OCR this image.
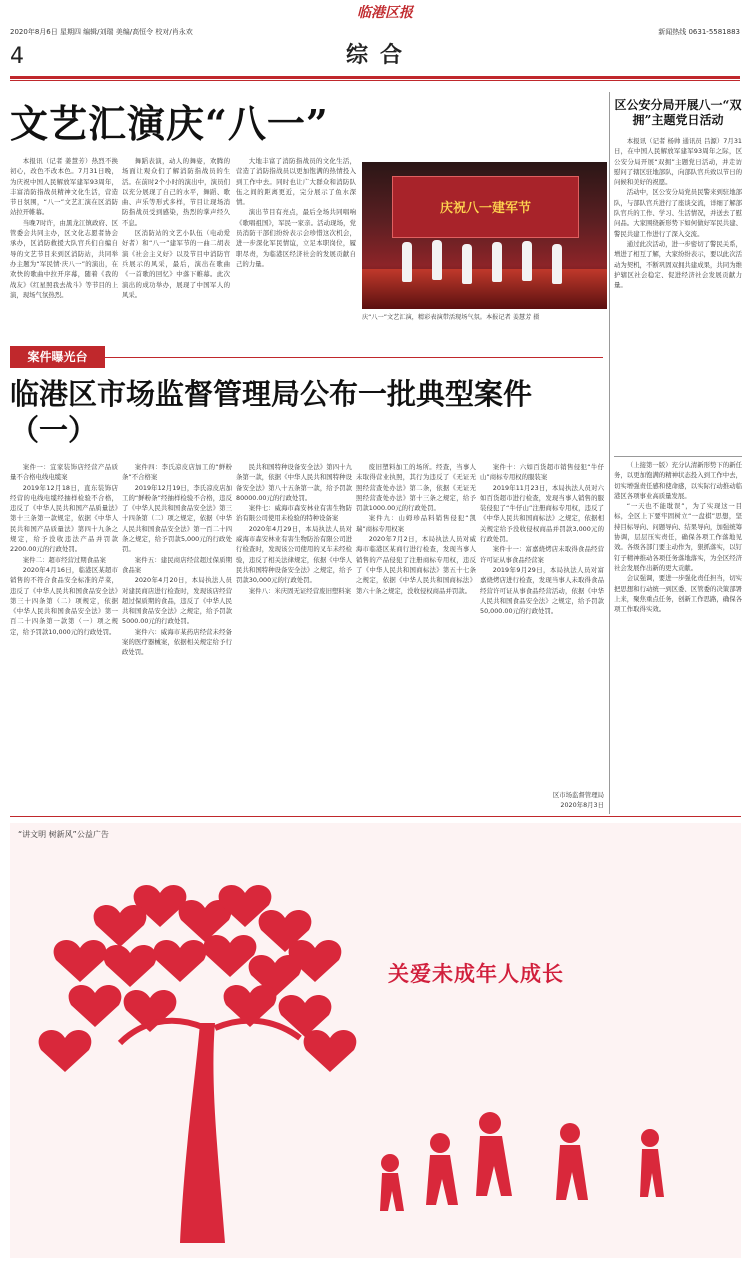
临港区报
2020年8月6日 星期四 编辑/刘瑞 美编/高恒令 校对/肖永欢	新闻热线 0631-5581883
4	综合
文艺汇演庆“八一”

本报讯（记者 姜慧芳）热烈不换初心，改色不改本色。7月31日晚，为庆祝中国人民解放军建军93周年，丰富消防指战员精神文化生活，营造节日氛围，“八一”文艺汇演在区消防站拉开帷幕。

当晚7时许，由黑龙江镇政府、区管委会共同主办，区文化志愿者协会承办，区消防救援大队官兵们自编自导的文艺节目来到区消防站，共同举办主题为“军民情·庆八一”的演出，在欢快的歌曲中拉开序幕，随着《我的战友》《红星照我去战斗》等节目的上演，现场气氛热烈。

舞蹈表演，动人的舞姿，欢腾的场面让观众们了解消防指战员的生活。在前时2个小时的演出中，演员们以充分展现了自己的水平，舞蹈、歌曲、声乐等形式多样，节目让现场消防指战员受到感染，热烈的掌声经久不息。

区消防站的文艺小队伍（电动爱好者）和“八一”建军节的一曲二胡表演《社会主义好》以及节目中消防官兵展示的风采，最后，演出在歌曲《一首歌的回忆》中落下帷幕。此次演出的成功举办，展现了中国军人的风采。

大地丰富了消防指战员的文化生活，营造了消防指战员以更加饱满的热情投入到工作中去。同时也让广大群众和消防队伍之间的距离更近，完分展示了鱼水深情。

演出节目有亮点，最后全场共同唱响《歌唱祖国》，军民一家亲。活动现场，党员消防干部们纷纷表示会珍惜这次机会，进一步深化军民情谊，立足本职岗位，履职尽责，为临港区经济社会的发展贡献自己的力量。

庆祝八一建军节
庆“八一”文艺汇演，精彩表演带活现场气氛。本报记者 姜慧芳 摄
区公安分局开展八一“双拥”主题党日活动

本报讯（记者 杨帅 通讯员 吕源）7月31日，在中国人民解放军建军93周年之际，区公安分局开展“双拥”主题党日活动，并走访慰问了辖区驻地部队，向部队官兵致以节日的问候和美好的祝愿。

活动中，区公安分局党员民警来到驻地部队，与部队官兵进行了座谈交流，详细了解部队官兵的工作、学习、生活情况，并送去了慰问品。大家围绕新形势下如何做好军民共建、警民共建工作进行了深入交流。

通过此次活动，进一步密切了警民关系，增进了相互了解，大家纷纷表示，要以此次活动为契机，不断巩固双拥共建成果，共同为维护辖区社会稳定、促进经济社会发展贡献力量。

（上接第一版）充分认清新形势下的新任务，以更加饱满的精神状态投入到工作中去，切实增强责任感和使命感，以实际行动推动临港区各项事业高质量发展。

“一天也不能耽误”，为了实现这一目标，全区上下要牢固树立“一盘棋”思想，坚持目标导向、问题导向、结果导向，加强统筹协调，层层压实责任，确保各项工作落地见效。各级各部门要主动作为，狠抓落实，以钉钉子精神推动各项任务落地落实，为全区经济社会发展作出新的更大贡献。

会议强调，要进一步强化责任担当，切实把思想和行动统一到区委、区管委的决策部署上来，聚焦重点任务，创新工作思路，确保各项工作取得实效。

案件曝光台
临港区市场监督管理局公布一批典型案件（一）

案件一：宜家装饰店经营产品质量不合格电线电缆案

2019年12月18日，直东装饰店经营的电线电缆经抽样检验不合格，违反了《中华人民共和国产品质量法》第十三条第一款规定，依据《中华人民共和国产品质量法》第四十九条之规定，给予没收违法产品并罚款2200.00元的行政处罚。

案件二：超市经营过期食品案

2020年4月16日，临港区某超市销售的不符合食品安全标准的芹菜，违反了《中华人民共和国食品安全法》第三十四条第（二）项规定，依据《中华人民共和国食品安全法》第一百二十四条第一款第（一）项之规定，给予罚款10,000元的行政处罚。

案件四：李氏凉皮店加工的“鲜粉条”不合格案

2019年12月19日，李氏凉皮店加工的“鲜粉条”经抽样检验不合格，违反了《中华人民共和国食品安全法》第三十四条第（二）项之规定，依据《中华人民共和国食品安全法》第一百二十四条之规定，给予罚款5,000元的行政处罚。

案件五：建民商店经营超过保质期食品案

2020年4月20日，本局执法人员对建民商店进行检查时，发现该店经营超过保质期的食品，违反了《中华人民共和国食品安全法》之规定，给予罚款5000.00元的行政处罚。

案件六：威海市某药店经营未经备案的医疗器械案，依据相关规定给予行政处罚。

民共和国特种设备安全法》第四十九条第一款，依据《中华人民共和国特种设备安全法》第八十五条第一款，给予罚款80000.00元的行政处罚。

案件七：威海市森安林业有害生物防治有限公司使用未检验的特种设备案

2020年4月29日，本局执法人员对威海市森安林业有害生物防治有限公司进行检查时，发现该公司使用的叉车未经检验，违反了相关法律规定，依据《中华人民共和国特种设备安全法》之规定，给予罚款30,000元的行政处罚。

案件八：米庆固无证经营废旧塑料案

废旧塑料加工的场所。经查，当事人未取得营业执照，其行为违反了《无证无照经营查处办法》第二条，依据《无证无照经营查处办法》第十三条之规定，给予罚款1000.00元的行政处罚。

案件九：山姆珍品料销售侵犯“凯瑞”商标专用权案

2020年7月2日，本局执法人员对威海市临港区某商行进行检查，发现当事人销售的产品侵犯了注册商标专用权，违反了《中华人民共和国商标法》第五十七条之规定，依据《中华人民共和国商标法》第六十条之规定，没收侵权商品并罚款。

案件十：六如百货超市销售侵犯“牛仔山”商标专用权的服装案

2019年11月23日，本局执法人员对六如百货超市进行检查，发现当事人销售的服装侵犯了“牛仔山”注册商标专用权，违反了《中华人民共和国商标法》之规定，依据相关规定给予没收侵权商品并罚款3,000元的行政处罚。

案件十一：富嘉烧烤店未取得食品经营许可证从事食品经营案

2019年9月29日，本局执法人员对富嘉烧烤店进行检查，发现当事人未取得食品经营许可证从事食品经营活动，依据《中华人民共和国食品安全法》之规定，给予罚款50,000.00元的行政处罚。

区市场监督管理局
2020年8月3日
“讲文明 树新风”公益广告
关爱未成年人成长
